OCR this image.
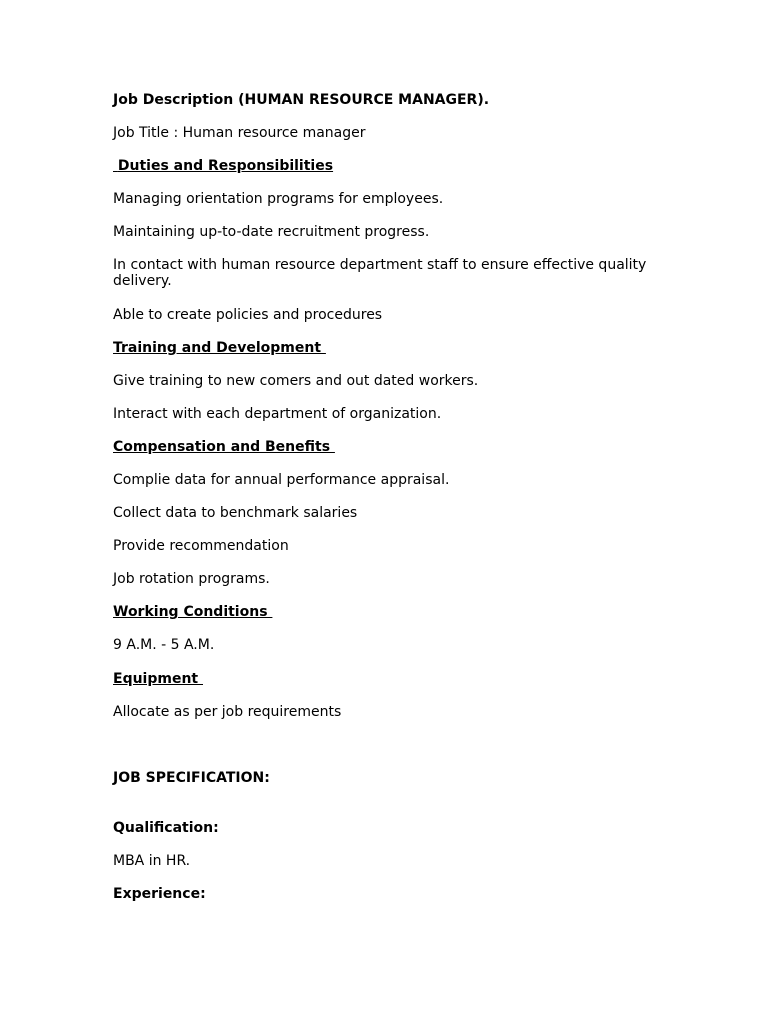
Job Description (HUMAN RESOURCE MANAGER).

Job Title : Human resource manager

Duties and Responsibilities

Managing orientation programs for employees.

Maintaining up-to-date recruitment progress.

In contact with human resource department staff to ensure effective quality delivery.

Able to create policies and procedures

Training and Development

Give training to new comers and out dated workers.

Interact with each department of organization.

Compensation and Benefits

Complie data for annual performance appraisal.

Collect data to benchmark salaries

Provide recommendation

Job rotation programs.

Working Conditions

9 A.M. - 5 A.M.

Equipment

Allocate as per job requirements

JOB SPECIFICATION:

Qualification:

MBA in HR.

Experience:
